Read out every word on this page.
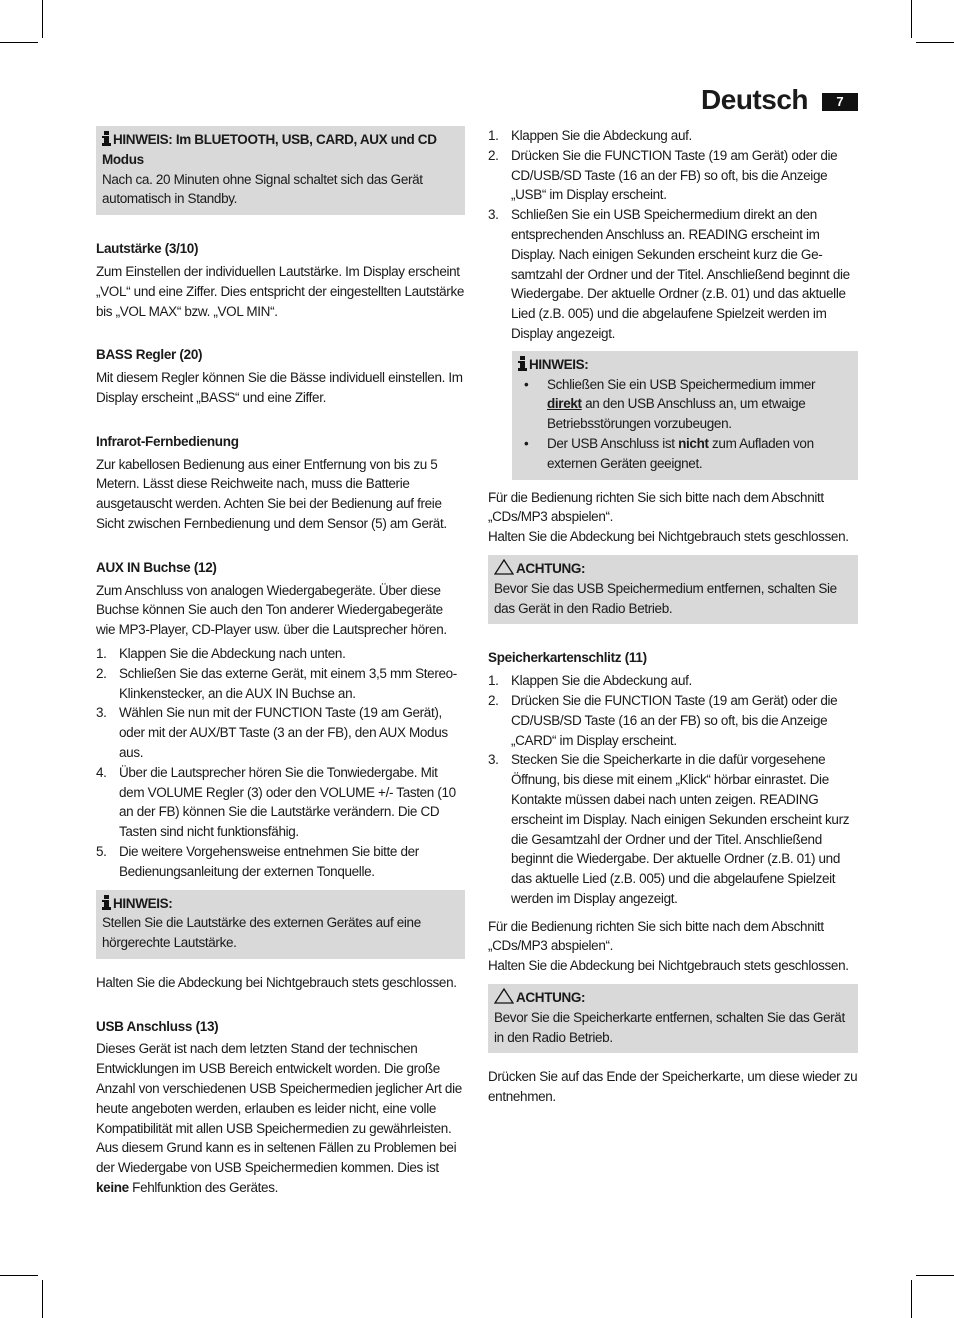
Deutsch	7
HINWEIS: Im BLUETOOTH, USB, CARD, AUX und CD Modus
Nach ca. 20 Minuten ohne Signal schaltet sich das Gerät automatisch in Standby.
Lautstärke (3/10)

Zum Einstellen der individuellen Lautstärke. Im Display erscheint „VOL“ und eine Ziffer. Dies entspricht der eingestellten Lautstärke bis „VOL MAX“ bzw. „VOL MIN“.

BASS Regler (20)

Mit diesem Regler können Sie die Bässe individuell einstellen. Im Display erscheint „BASS“ und eine Ziffer.

Infrarot-Fernbedienung

Zur kabellosen Bedienung aus einer Entfernung von bis zu 5 Metern. Lässt diese Reichweite nach, muss die Batterie ausgetauscht werden. Achten Sie bei der Bedienung auf freie Sicht zwischen Fernbedienung und dem Sensor (5) am Gerät.

AUX IN Buchse (12)

Zum Anschluss von analogen Wiedergabegeräte. Über diese Buchse können Sie auch den Ton anderer Wiedergabegeräte wie MP3-Player, CD-Player usw. über die Lautsprecher hören.

1. Klappen Sie die Abdeckung nach unten.
2. Schließen Sie das externe Gerät, mit einem 3,5 mm Stereo-Klinkenstecker, an die AUX IN Buchse an.
3. Wählen Sie nun mit der FUNCTION Taste (19 am Gerät), oder mit der AUX/BT Taste (3 an der FB), den AUX Modus aus.
4. Über die Lautsprecher hören Sie die Tonwiedergabe. Mit dem VOLUME Regler (3) oder den VOLUME +/- Tasten (10 an der FB) können Sie die Lautstärke verändern. Die CD Tasten sind nicht funktionsfähig.
5. Die weitere Vorgehensweise entnehmen Sie bitte der Bedienungsanleitung der externen Tonquelle.
HINWEIS:
Stellen Sie die Lautstärke des externen Gerätes auf eine hörgerechte Lautstärke.

Halten Sie die Abdeckung bei Nichtgebrauch stets geschlossen.

USB Anschluss (13)

Dieses Gerät ist nach dem letzten Stand der technischen Entwicklungen im USB Bereich entwickelt worden. Die große Anzahl von verschiedenen USB Speichermedien jeglicher Art die heute angeboten werden, erlauben es leider nicht, eine volle Kompatibilität mit allen USB Speichermedien zu gewährleisten. Aus diesem Grund kann es in seltenen Fällen zu Problemen bei der Wiedergabe von USB Speichermedien kommen. Dies ist keine Fehlfunktion des Gerätes.

1. Klappen Sie die Abdeckung auf.
2. Drücken Sie die FUNCTION Taste (19 am Gerät) oder die CD/USB/SD Taste (16 an der FB) so oft, bis die Anzeige „USB“ im Display erscheint.
3. Schließen Sie ein USB Speichermedium direkt an den entsprechenden Anschluss an. READING erscheint im Display. Nach einigen Sekunden erscheint kurz die Gesamtzahl der Ordner und der Titel. Anschließend beginnt die Wiedergabe. Der aktuelle Ordner (z.B. 01) und das aktuelle Lied (z.B. 005) und die abgelaufene Spielzeit werden im Display angezeigt.
HINWEIS:
• Schließen Sie ein USB Speichermedium immer direkt an den USB Anschluss an, um etwaige Betriebsstörungen vorzubeugen.
• Der USB Anschluss ist nicht zum Aufladen von externen Geräten geeignet.

Für die Bedienung richten Sie sich bitte nach dem Abschnitt „CDs/MP3 abspielen“.

Halten Sie die Abdeckung bei Nichtgebrauch stets geschlossen.

ACHTUNG:
Bevor Sie das USB Speichermedium entfernen, schalten Sie das Gerät in den Radio Betrieb.
Speicherkartenschlitz (11)
1. Klappen Sie die Abdeckung auf.
2. Drücken Sie die FUNCTION Taste (19 am Gerät) oder die CD/USB/SD Taste (16 an der FB) so oft, bis die Anzeige „CARD“ im Display erscheint.
3. Stecken Sie die Speicherkarte in die dafür vorgesehene Öffnung, bis diese mit einem „Klick“ hörbar einrastet. Die Kontakte müssen dabei nach unten zeigen. READING erscheint im Display. Nach einigen Sekunden erscheint kurz die Gesamtzahl der Ordner und der Titel. Anschließend beginnt die Wiedergabe. Der aktuelle Ordner (z.B. 01) und das aktuelle Lied (z.B. 005) und die abgelaufene Spielzeit werden im Display angezeigt.

Für die Bedienung richten Sie sich bitte nach dem Abschnitt „CDs/MP3 abspielen“.

Halten Sie die Abdeckung bei Nichtgebrauch stets geschlossen.

ACHTUNG:
Bevor Sie die Speicherkarte entfernen, schalten Sie das Gerät in den Radio Betrieb.

Drücken Sie auf das Ende der Speicherkarte, um diese wieder zu entnehmen.
